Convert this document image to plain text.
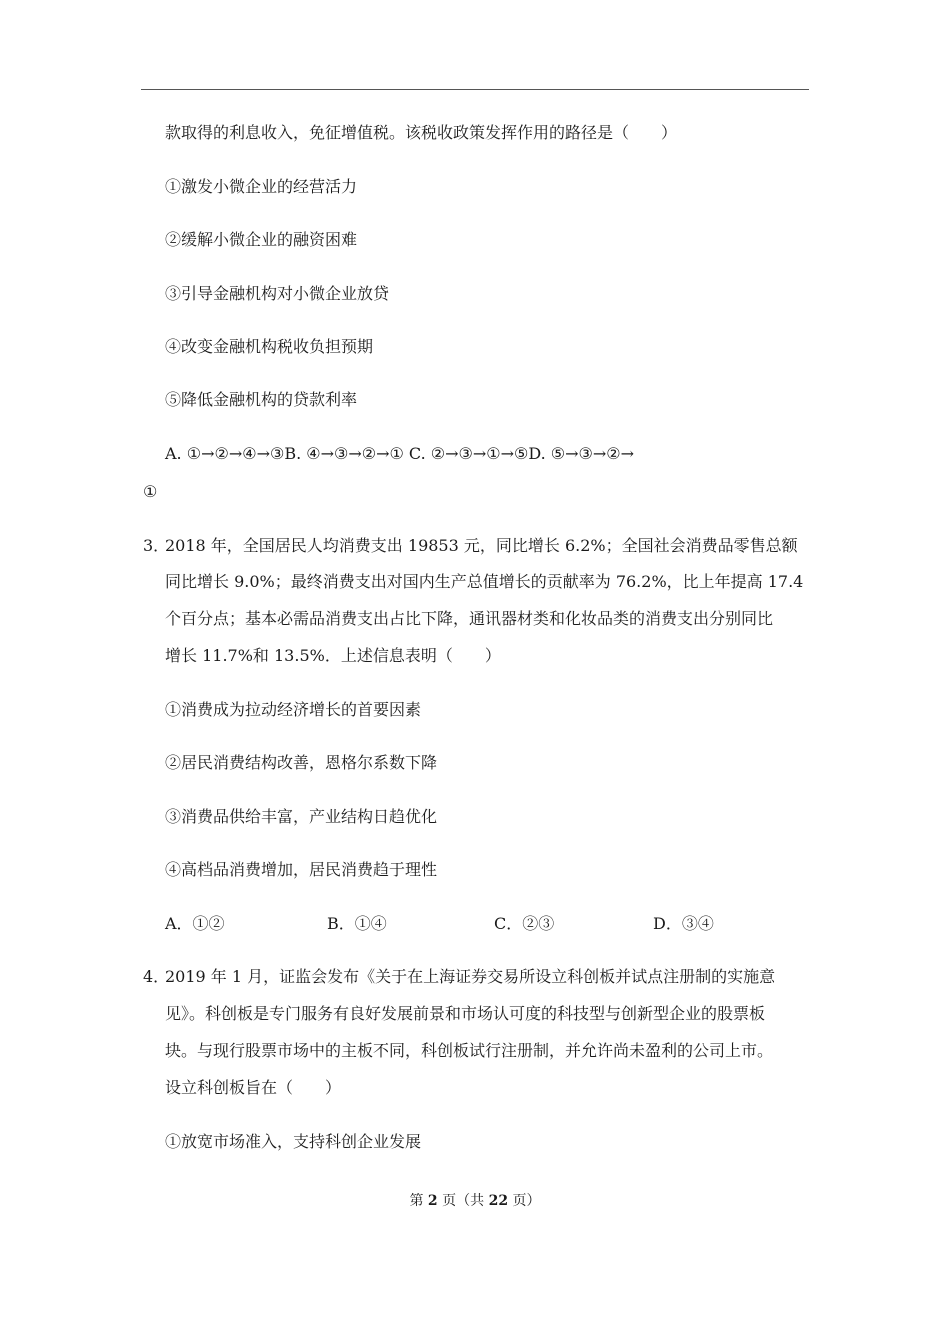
款取得的利息收入，免征增值税。该税收政策发挥作用的路径是（　　）
①激发小微企业的经营活力
②缓解小微企业的融资困难
③引导金融机构对小微企业放贷
④改变金融机构税收负担预期
⑤降低金融机构的贷款利率
A. ①→②→④→③B. ④→③→②→① C. ②→③→①→⑤D. ⑤→③→②→
①
3．
2018 年，全国居民人均消费支出 19853 元，同比增长 6.2%；全国社会消费品零售总额
同比增长 9.0%；最终消费支出对国内生产总值增长的贡献率为 76.2%，比上年提高 17.4
个百分点；基本必需品消费支出占比下降，通讯器材类和化妆品类的消费支出分别同比
增长 11.7%和 13.5%．上述信息表明（　　）
①消费成为拉动经济增长的首要因素
②居民消费结构改善，恩格尔系数下降
③消费品供给丰富，产业结构日趋优化
④高档品消费增加，居民消费趋于理性
A．①②	B．①④	C．②③	D．③④
4．
2019 年 1 月，证监会发布《关于在上海证券交易所设立科创板并试点注册制的实施意
见》。科创板是专门服务有良好发展前景和市场认可度的科技型与创新型企业的股票板
块。与现行股票市场中的主板不同，科创板试行注册制，并允许尚未盈利的公司上市。
设立科创板旨在（　　）
①放宽市场准入，支持科创企业发展
第 2 页（共 22 页）
